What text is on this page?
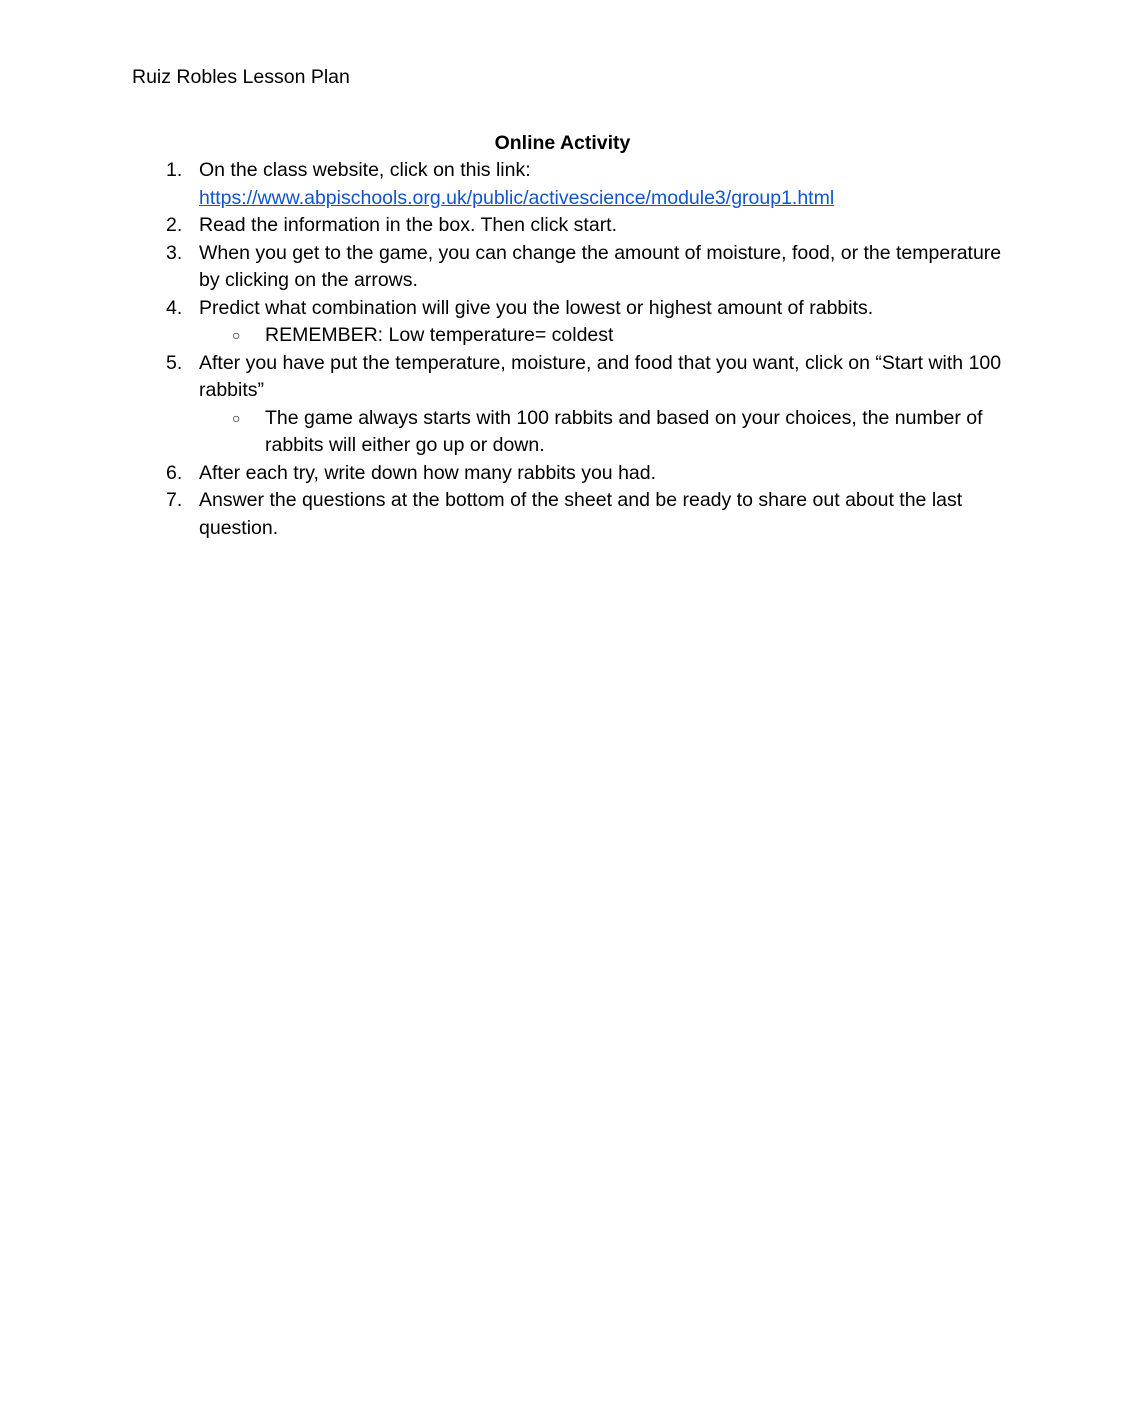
Ruiz Robles Lesson Plan
Online Activity
1. On the class website, click on this link:
https://www.abpischools.org.uk/public/activescience/module3/group1.html
2. Read the information in the box. Then click start.
3. When you get to the game, you can change the amount of moisture, food, or the temperature by clicking on the arrows.
4. Predict what combination will give you the lowest or highest amount of rabbits.
○ REMEMBER: Low temperature= coldest
5. After you have put the temperature, moisture, and food that you want, click on “Start with 100 rabbits”
○ The game always starts with 100 rabbits and based on your choices, the number of rabbits will either go up or down.
6. After each try, write down how many rabbits you had.
7. Answer the questions at the bottom of the sheet and be ready to share out about the last question.
